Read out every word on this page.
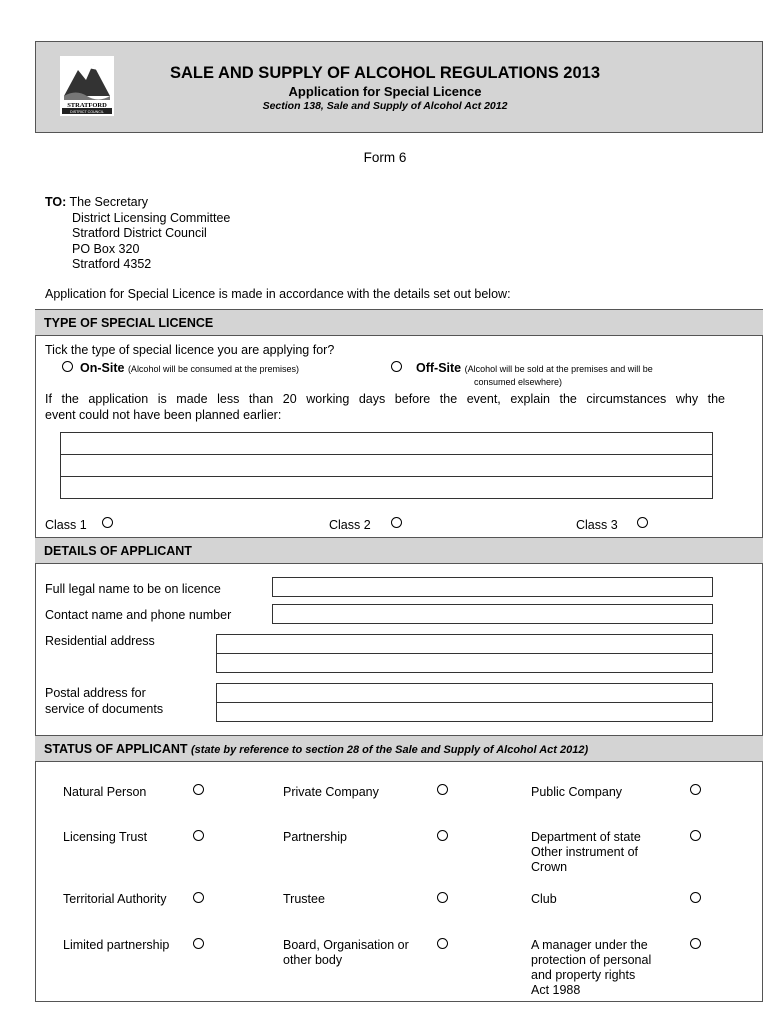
STRATFORD
DISTRICT COUNCIL
SALE AND SUPPLY OF ALCOHOL REGULATIONS 2013
Application for Special Licence
Section 138, Sale and Supply of Alcohol Act 2012
Form 6
TO: The Secretary
District Licensing Committee
Stratford District Council
PO Box 320
Stratford 4352
Application for Special Licence is made in accordance with the details set out below:
TYPE OF SPECIAL LICENCE
Tick the type of special licence you are applying for?
On-Site (Alcohol will be consumed at the premises)	Off-Site (Alcohol will be sold at the premises and will be
consumed elsewhere)
If the application is made less than 20 working days before the event, explain the circumstances why the
event could not have been planned earlier:
Class 1	Class 2	Class 3
DETAILS OF APPLICANT
Full legal name to be on licence
Contact name and phone number
Residential address
Postal address for
service of documents
STATUS OF APPLICANT (state by reference to section 28 of the Sale and Supply of Alcohol Act 2012)
Natural Person	Private Company	Public Company
Licensing Trust	Partnership	Department of state
Other instrument of
Crown
Territorial Authority	Trustee	Club
Limited partnership	Board, Organisation or
other body
A manager under the
protection of personal
and property rights
Act 1988
